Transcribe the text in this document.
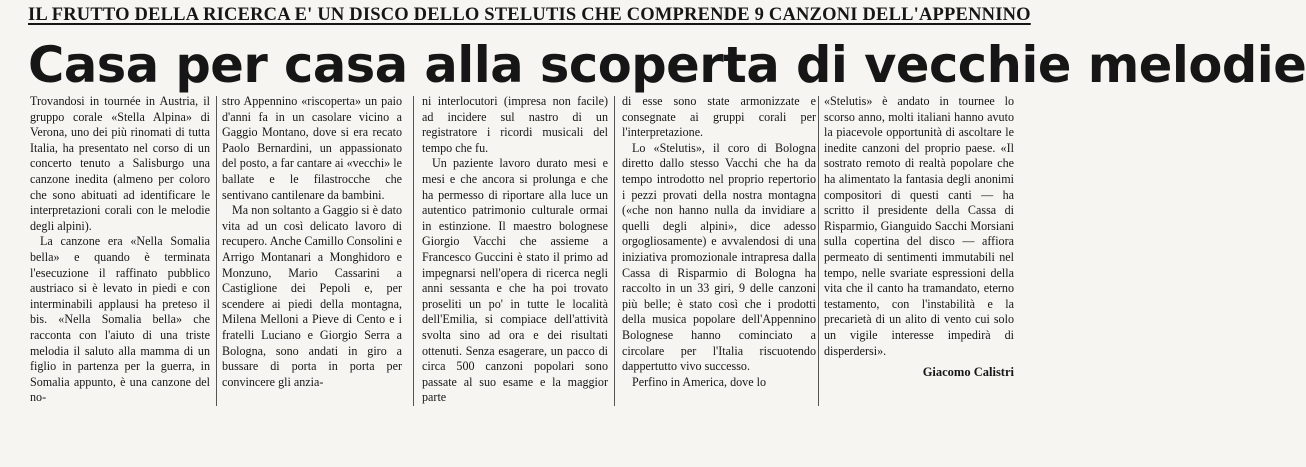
IL FRUTTO DELLA RICERCA E' UN DISCO DELLO STELUTIS CHE COMPRENDE 9 CANZONI DELL'APPENNINO
Casa per casa alla scoperta di vecchie melodie

Trovandosi in tournée in Austria, il gruppo corale «Stella Alpina» di Verona, uno dei più rinomati di tutta Italia, ha presentato nel corso di un concerto tenuto a Salisburgo una canzone inedita (almeno per coloro che sono abituati ad identificare le interpretazioni corali con le melodie degli alpini).

La canzone era «Nella Somalia bella» e quando è terminata l'esecuzione il raffinato pubblico austriaco si è levato in piedi e con interminabili applausi ha preteso il bis. «Nella Somalia bella» che racconta con l'aiuto di una triste melodia il saluto alla mamma di un figlio in partenza per la guerra, in Somalia appunto, è una canzone del no-

stro Appennino «riscoperta» un paio d'anni fa in un casolare vicino a Gaggio Montano, dove si era recato Paolo Bernardini, un appassionato del posto, a far cantare ai «vecchi» le ballate e le filastrocche che sentivano cantilenare da bambini.

Ma non soltanto a Gaggio si è dato vita ad un così delicato lavoro di recupero. Anche Camillo Consolini e Arrigo Montanari a Monghidoro e Monzuno, Mario Cassarini a Castiglione dei Pepoli e, per scendere ai piedi della montagna, Milena Melloni a Pieve di Cento e i fratelli Luciano e Giorgio Serra a Bologna, sono andati in giro a bussare di porta in porta per convincere gli anzia-

ni interlocutori (impresa non facile) ad incidere sul nastro di un registratore i ricordi musicali del tempo che fu.

Un paziente lavoro durato mesi e mesi e che ancora si prolunga e che ha permesso di riportare alla luce un autentico patrimonio culturale ormai in estinzione. Il maestro bolognese Giorgio Vacchi che assieme a Francesco Guccini è stato il primo ad impegnarsi nell'opera di ricerca negli anni sessanta e che ha poi trovato proseliti un po' in tutte le località dell'Emilia, si compiace dell'attività svolta sino ad ora e dei risultati ottenuti. Senza esagerare, un pacco di circa 500 canzoni popolari sono passate al suo esame e la maggior parte

di esse sono state armonizzate e consegnate ai gruppi corali per l'interpretazione.

Lo «Stelutis», il coro di Bologna diretto dallo stesso Vacchi che ha da tempo introdotto nel proprio repertorio i pezzi provati della nostra montagna («che non hanno nulla da invidiare a quelli degli alpini», dice adesso orgogliosamente) e avvalendosi di una iniziativa promozionale intrapresa dalla Cassa di Risparmio di Bologna ha raccolto in un 33 giri, 9 delle canzoni più belle; è stato così che i prodotti della musica popolare dell'Appennino Bolognese hanno cominciato a circolare per l'Italia riscuotendo dappertutto vivo successo.

Perfino in America, dove lo

«Stelutis» è andato in tournee lo scorso anno, molti italiani hanno avuto la piacevole opportunità di ascoltare le inedite canzoni del proprio paese. «Il sostrato remoto di realtà popolare che ha alimentato la fantasia degli anonimi compositori di questi canti — ha scritto il presidente della Cassa di Risparmio, Gianguido Sacchi Morsiani sulla copertina del disco — affiora permeato di sentimenti immutabili nel tempo, nelle svariate espressioni della vita che il canto ha tramandato, eterno testamento, con l'instabilità e la precarietà di un alito di vento cui solo un vigile interesse impedirà di disperdersi».

Giacomo Calistri
